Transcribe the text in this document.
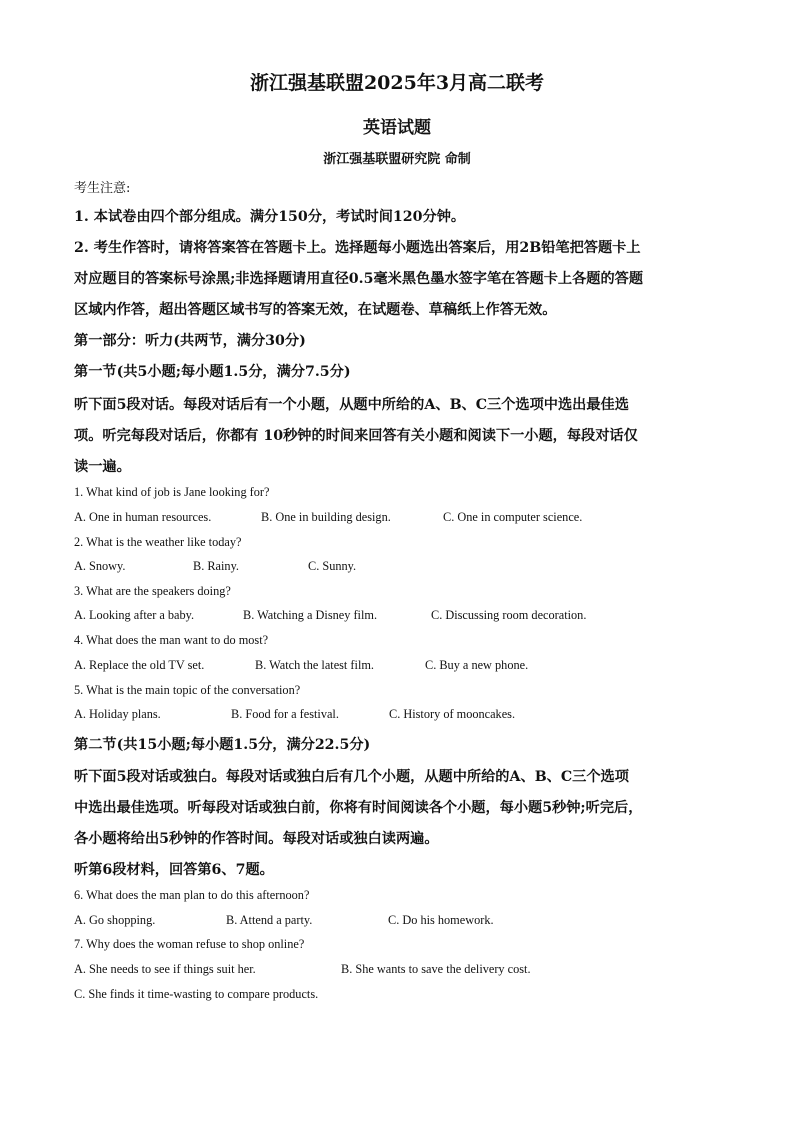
浙江强基联盟2025年3月高二联考
英语试题
浙江强基联盟研究院 命制
考生注意:
1. 本试卷由四个部分组成。满分150分，考试时间120分钟。
2. 考生作答时，请将答案答在答题卡上。选择题每小题选出答案后，用2B铅笔把答题卡上
对应题目的答案标号涂黑;非选择题请用直径0.5毫米黑色墨水签字笔在答题卡上各题的答题
区域内作答，超出答题区域书写的答案无效，在试题卷、草稿纸上作答无效。
第一部分：听力(共两节，满分30分)
第一节(共5小题;每小题1.5分，满分7.5分)
听下面5段对话。每段对话后有一个小题，从题中所给的A、B、C三个选项中选出最佳选
项。听完每段对话后，你都有 10秒钟的时间来回答有关小题和阅读下一小题，每段对话仅
读一遍。
1. What kind of job is Jane looking for?
A. One in human resources.	B. One in building design.	C. One in computer science.
2. What is the weather like today?
A. Snowy.	B. Rainy.	C. Sunny.
3. What are the speakers doing?
A. Looking after a baby.	B. Watching a Disney film.	C. Discussing room decoration.
4. What does the man want to do most?
A. Replace the old TV set.	B. Watch the latest film.	C. Buy a new phone.
5. What is the main topic of the conversation?
A. Holiday plans.	B. Food for a festival.	C. History of mooncakes.
第二节(共15小题;每小题1.5分，满分22.5分)
听下面5段对话或独白。每段对话或独白后有几个小题，从题中所给的A、B、C三个选项
中选出最佳选项。听每段对话或独白前，你将有时间阅读各个小题，每小题5秒钟;听完后，
各小题将给出5秒钟的作答时间。每段对话或独白读两遍。
听第6段材料，回答第6、7题。
6. What does the man plan to do this afternoon?
A. Go shopping.	B. Attend a party.	C. Do his homework.
7. Why does the woman refuse to shop online?
A. She needs to see if things suit her.	B. She wants to save the delivery cost.
C. She finds it time-wasting to compare products.
